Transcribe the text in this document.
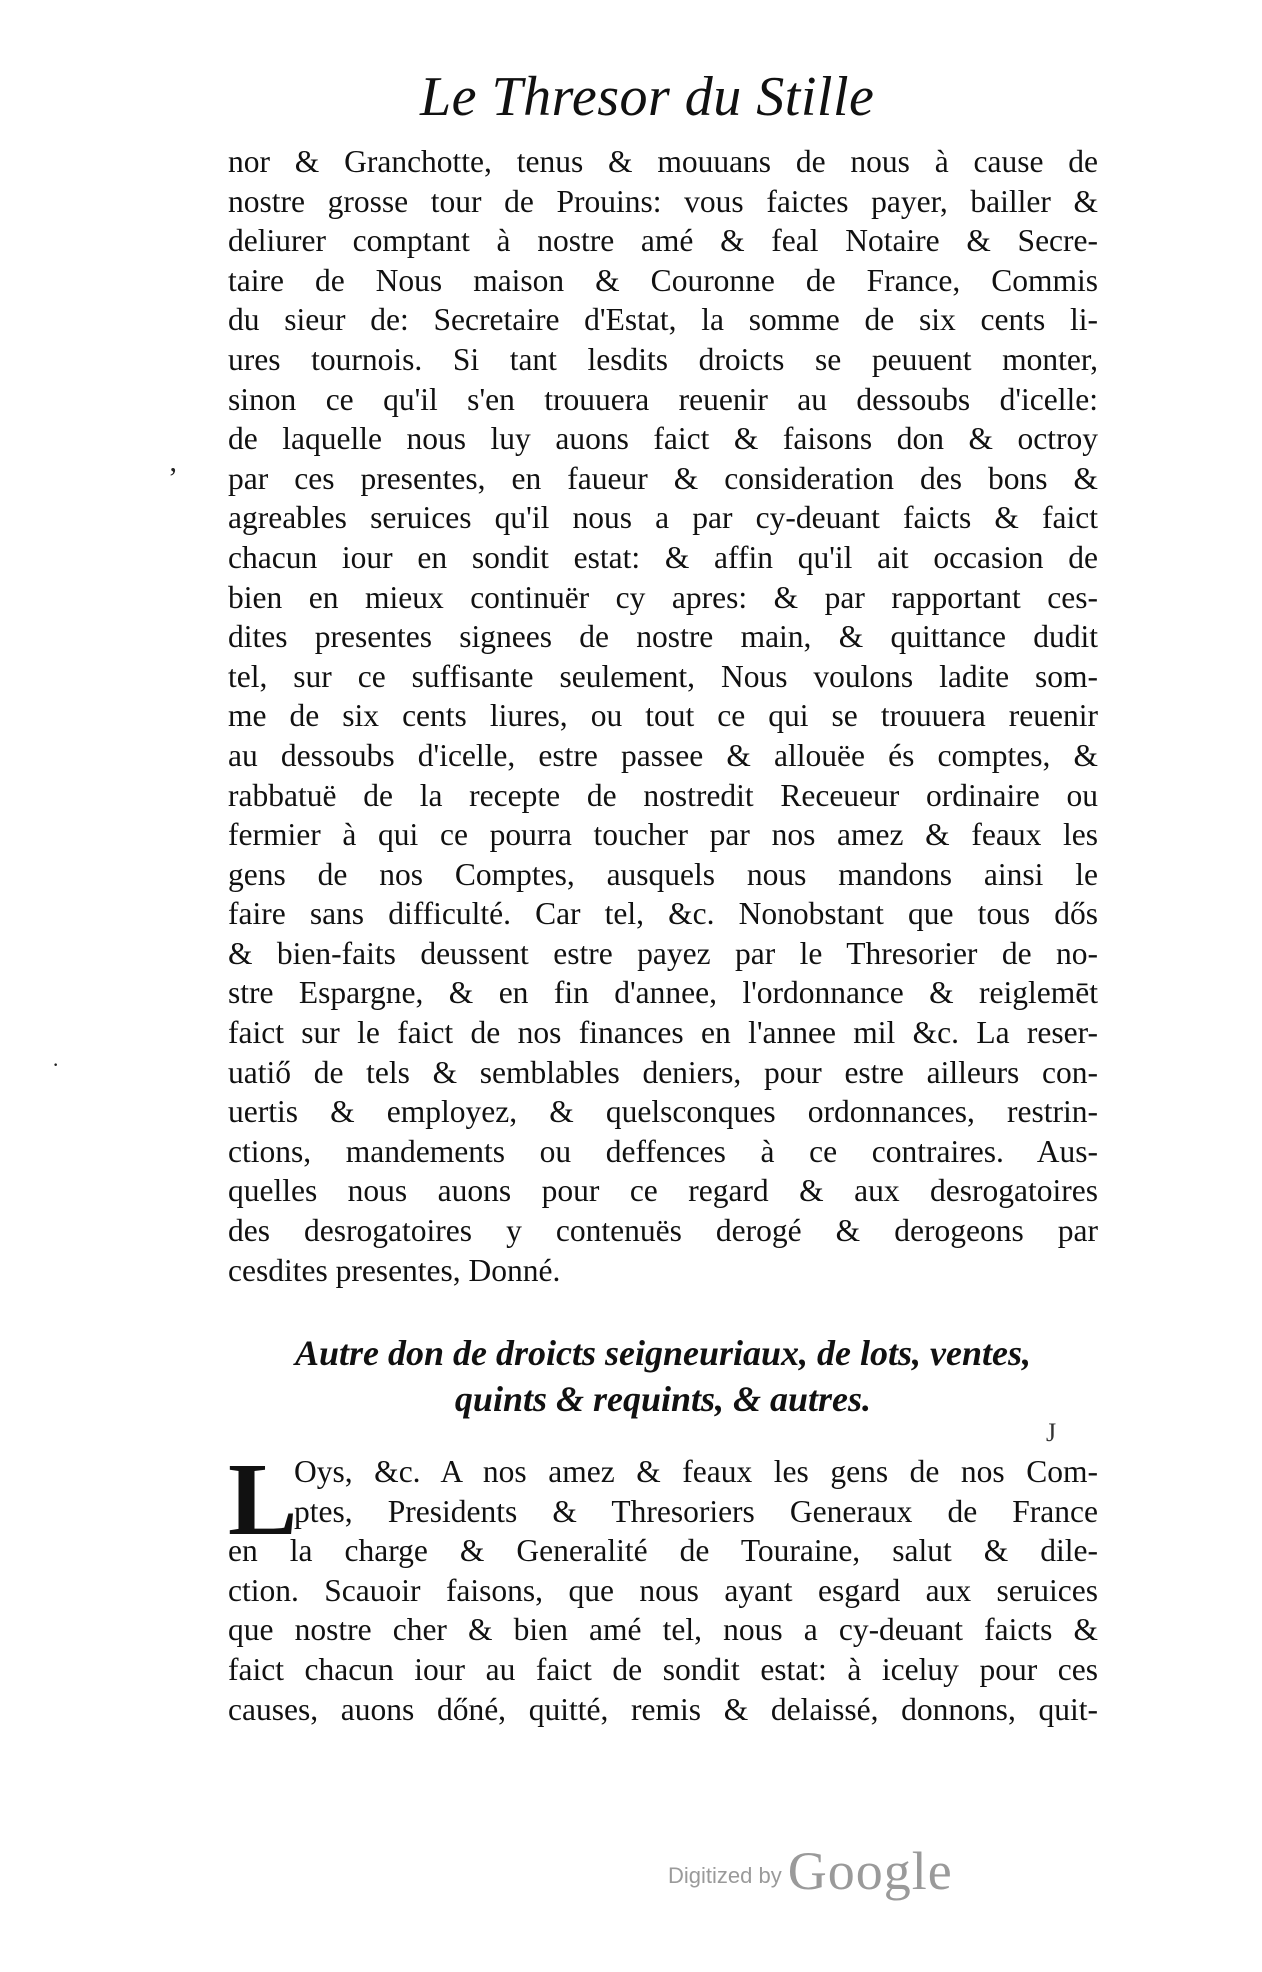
Le Thresor du Stille
nor & Granchotte, tenus & mouuans de nous à cause de
nostre grosse tour de Prouins: vous faictes payer, bailler &
deliurer comptant à nostre amé & feal Notaire & Secre-
taire de Nous maison & Couronne de France, Commis
du sieur de: Secretaire d'Estat, la somme de six cents li-
ures tournois. Si tant lesdits droicts se peuuent monter,
sinon ce qu'il s'en trouuera reuenir au dessoubs d'icelle:
de laquelle nous luy auons faict & faisons don & octroy
par ces presentes, en faueur & consideration des bons &
agreables seruices qu'il nous a par cy-deuant faicts & faict
chacun iour en sondit estat: & affin qu'il ait occasion de
bien en mieux continuër cy apres: & par rapportant ces-
dites presentes signees de nostre main, & quittance dudit
tel, sur ce suffisante seulement, Nous voulons ladite som-
me de six cents liures, ou tout ce qui se trouuera reuenir
au dessoubs d'icelle, estre passee & allouëe és comptes, &
rabbatuë de la recepte de nostredit Receueur ordinaire ou
fermier à qui ce pourra toucher par nos amez & feaux les
gens de nos Comptes, ausquels nous mandons ainsi le
faire sans difficulté. Car tel, &c. Nonobstant que tous dős
& bien-faits deussent estre payez par le Thresorier de no-
stre Espargne, & en fin d'annee, l'ordonnance & reiglemēt
faict sur le faict de nos finances en l'annee mil &c. La reser-
uatiő de tels & semblables deniers, pour estre ailleurs con-
uertis & employez, & quelsconques ordonnances, restrin-
ctions, mandements ou deffences à ce contraires. Aus-
quelles nous auons pour ce regard & aux desrogatoires
des desrogatoires y contenuës derogé & derogeons par
cesdites presentes, Donné.
ʼ
·
Autre don de droicts seigneuriaux, de lots, ventes,
quints & requints, & autres.
J
L
Oys, &c. A nos amez & feaux les gens de nos Com-
ptes, Presidents & Thresoriers Generaux de France
en la charge & Generalité de Touraine, salut & dile-
ction. Scauoir faisons, que nous ayant esgard aux seruices
que nostre cher & bien amé tel, nous a cy-deuant faicts &
faict chacun iour au faict de sondit estat: à iceluy pour ces
causes, auons dőné, quitté, remis & delaissé, donnons, quit-
Digitized by Google
